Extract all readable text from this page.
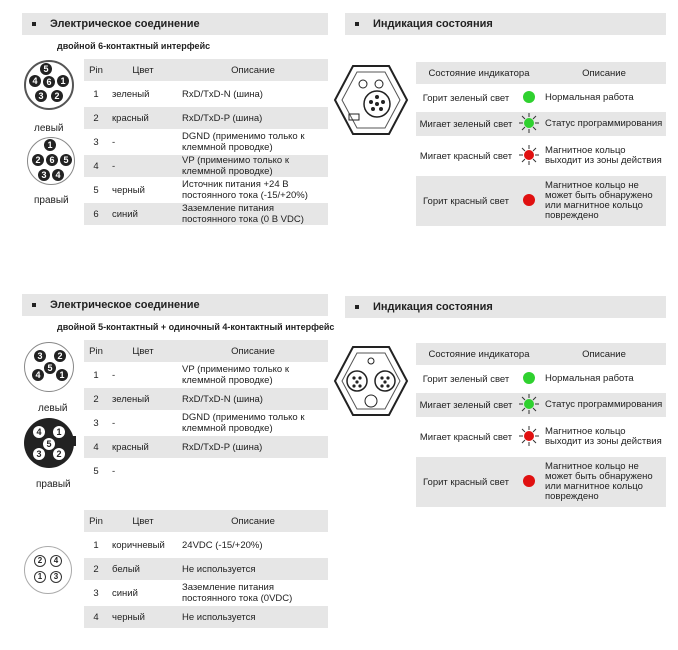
Электрическое соединение
двойной 6-контактный интерфейс
5
4 6 1
3	2
левый
1
2 6 5
3 4
правый
Pin	Цвет	Описание
1	зеленый	RxD/TxD-N (шина)
2	красный	RxD/TxD-P (шина)
3	-	DGND (применимо только к клеммной проводке)
4	-	VP (применимо только к клеммной проводке)
5	черный	Источник питания +24 В постоянного тока (-15/+20%)
6	синий	Заземление питания постоянного тока (0 В VDC)
Индикация состояния
Состояние индикатора		Описание
Горит зеленый свет		Нормальная работа
Мигает зеленый свет		Статус программирования
Мигает красный свет		Магнитное кольцо выходит из зоны действия
Горит красный свет		Магнитное кольцо не может быть обнаружено или магнитное кольцо повреждено
Электрическое соединение
двойной 5-контактный + одиночный 4-контактный интерфейс
3	2
4
5
1
левый
4	1
5
3	2
правый
Pin	Цвет	Описание
1	-	VP (применимо только к клеммной проводке)
2	зеленый	RxD/TxD-N (шина)
3	-	DGND (применимо только к клеммной проводке)
4	красный	RxD/TxD-P (шина)
5	-	
2	4
1	3
Pin	Цвет	Описание
1	коричневый	24VDC (-15/+20%)
2	белый	Не используется
3	синий	Заземление питания постоянного тока (0VDC)
4	черный	Не используется
Индикация состояния
Состояние индикатора		Описание
Горит зеленый свет		Нормальная работа
Мигает зеленый свет		Статус программирования
Мигает красный свет		Магнитное кольцо выходит из зоны действия
Горит красный свет		Магнитное кольцо не может быть обнаружено или магнитное кольцо повреждено
